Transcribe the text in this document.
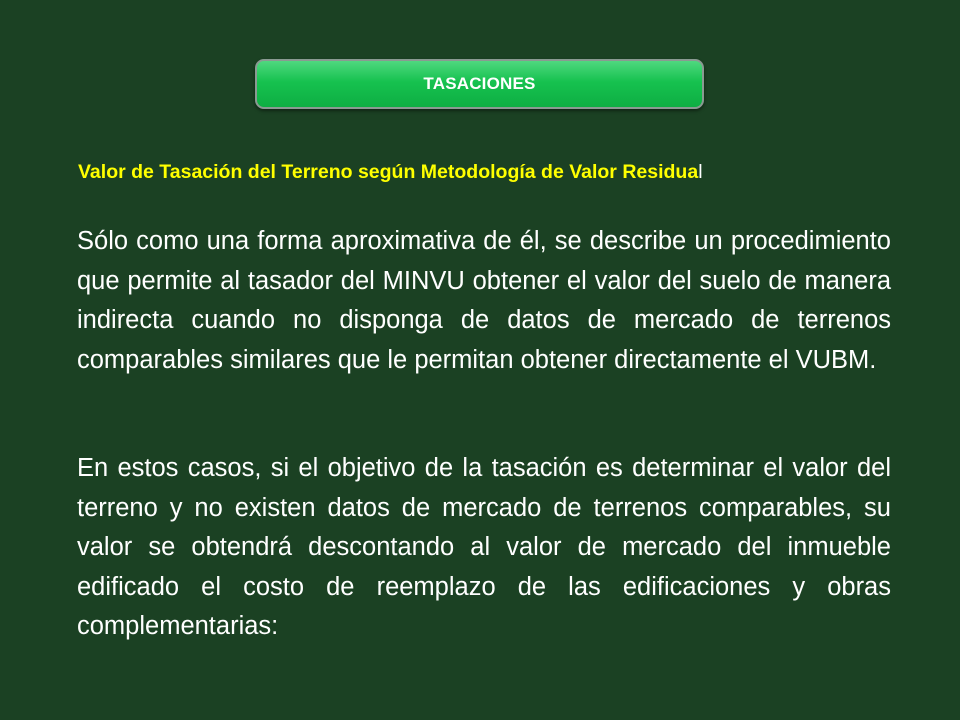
TASACIONES

Valor de Tasación del Terreno según Metodología de Valor Residual

Sólo como una forma aproximativa de él, se describe un procedimiento que permite al tasador del MINVU obtener el valor del suelo de manera indirecta cuando no disponga de datos de mercado de terrenos comparables similares que le permitan obtener directamente el VUBM.

En estos casos, si el objetivo de la tasación es determinar el valor del terreno y no existen datos de mercado de terrenos comparables, su valor se obtendrá descontando al valor de mercado del inmueble edificado el costo de reemplazo de las edificaciones y obras complementarias:
